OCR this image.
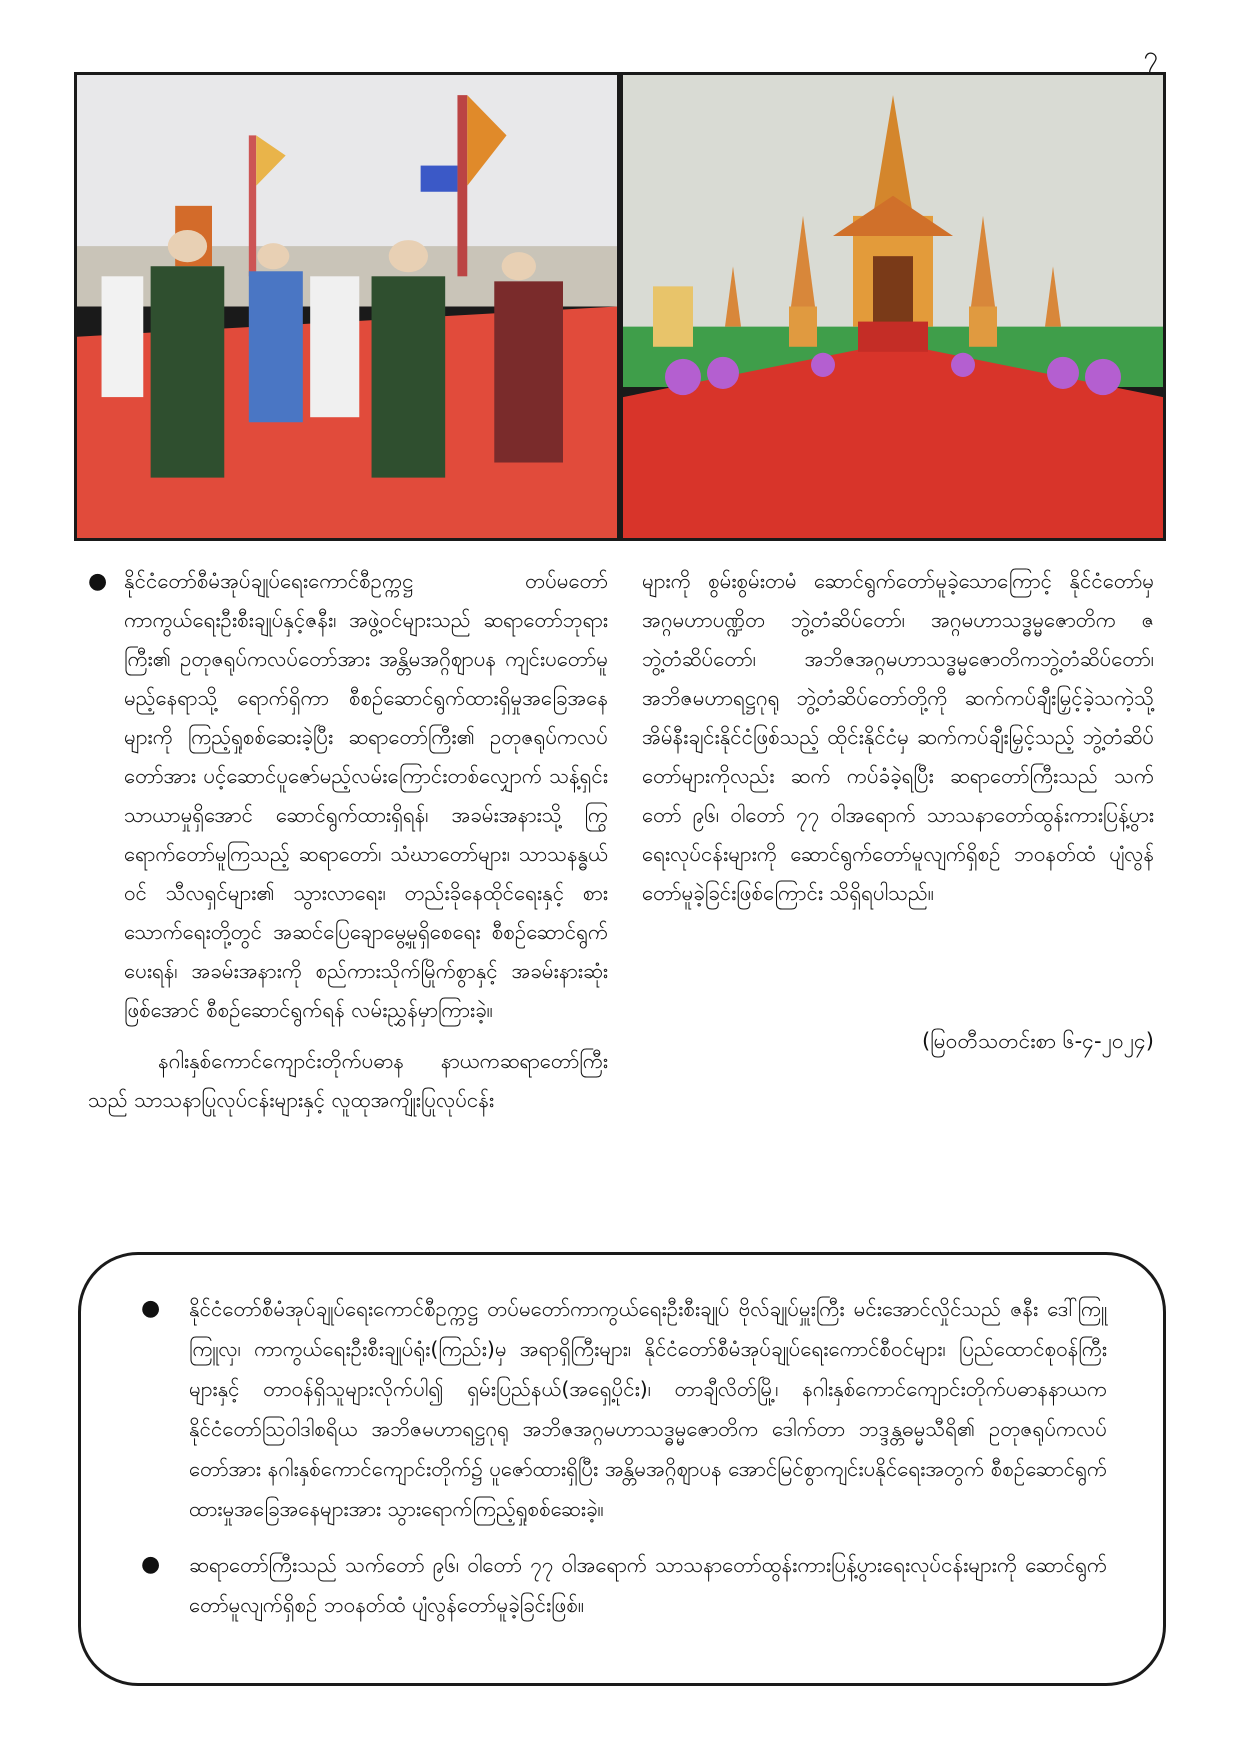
၇

● နိုင်ငံတော်စီမံအုပ်ချုပ်ရေးကောင်စီဥက္ကဋ္ဌ တပ်မတော်ကာကွယ်ရေးဦးစီးချုပ်နှင့်ဇနီး၊ အဖွဲ့ဝင်များသည် ဆရာတော်ဘုရားကြီး၏ ဥတုဇရုပ်ကလပ်တော်အား အန္တိမအဂ္ဂိဈာပန ကျင်းပတော်မူမည့်နေရာသို့ ရောက်ရှိကာ စီစဉ်ဆောင်ရွက်ထားရှိမှုအခြေအနေများကို ကြည့်ရှုစစ်ဆေးခဲ့ပြီး ဆရာတော်ကြီး၏ ဥတုဇရုပ်ကလပ်တော်အား ပင့်ဆောင်ပူဇော်မည့်လမ်းကြောင်းတစ်လျှောက် သန့်ရှင်းသာယာမှုရှိအောင် ဆောင်ရွက်ထားရှိရန်၊ အခမ်းအနားသို့ ကြွရောက်တော်မူကြသည့် ဆရာတော်၊ သံဃာတော်များ၊ သာသနန္ဓယ်ဝင် သီလရှင်များ၏ သွားလာရေး၊ တည်းခိုနေထိုင်ရေးနှင့် စားသောက်ရေးတို့တွင် အဆင်ပြေချောမွေ့မှုရှိစေရေး စီစဉ်ဆောင်ရွက်ပေးရန်၊ အခမ်းအနားကို စည်ကားသိုက်မြိုက်စွာနှင့် အခမ်းနားဆုံးဖြစ်အောင် စီစဉ်ဆောင်ရွက်ရန် လမ်းညွှန်မှာကြားခဲ့။

နဂါးနှစ်ကောင်ကျောင်းတိုက်ပဓာန နာယကဆရာတော်ကြီးသည် သာသနာပြုလုပ်ငန်းများနှင့် လူထုအကျိုးပြုလုပ်ငန်း

များကို စွမ်းစွမ်းတမံ ဆောင်ရွက်တော်မူခဲ့သောကြောင့် နိုင်ငံတော်မှ အဂ္ဂမဟာပဏ္ဍိတ ဘွဲ့တံဆိပ်တော်၊ အဂ္ဂမဟာသဒ္ဓမ္မဇောတိက ဇဘွဲ့တံဆိပ်တော်၊ အဘိဇအဂ္ဂမဟာသဒ္ဓမ္မဇောတိကဘွဲ့တံဆိပ်တော်၊ အဘိဇမဟာရဋ္ဌဂုရု ဘွဲ့တံဆိပ်တော်တို့ကို ဆက်ကပ်ချီးမြှင့်ခဲ့သကဲ့သို့ အိမ်နီးချင်းနိုင်ငံဖြစ်သည့် ထိုင်းနိုင်ငံမှ ဆက်ကပ်ချီးမြှင့်သည့် ဘွဲ့တံဆိပ်တော်များကိုလည်း ဆက် ကပ်ခံခဲ့ရပြီး ဆရာတော်ကြီးသည် သက်တော် ၉၆၊ ဝါတော် ၇၇ ဝါအရောက် သာသနာတော်ထွန်းကားပြန့်ပွားရေးလုပ်ငန်းများကို ဆောင်ရွက်တော်မူလျက်ရှိစဉ် ဘဝနတ်ထံ ပျံလွန်တော်မူခဲ့ခြင်းဖြစ်ကြောင်း သိရှိရပါသည်။

(မြဝတီသတင်းစာ ၆-၄-၂၀၂၄)
● နိုင်ငံတော်စီမံအုပ်ချုပ်ရေးကောင်စီဥက္ကဋ္ဌ တပ်မတော်ကာကွယ်ရေးဦးစီးချုပ် ဗိုလ်ချုပ်မှူးကြီး မင်းအောင်လှိုင်သည် ဇနီး ဒေါ်ကြူကြူလှ၊ ကာကွယ်ရေးဦးစီးချုပ်ရုံး(ကြည်း)မှ အရာရှိကြီးများ၊ နိုင်ငံတော်စီမံအုပ်ချုပ်ရေးကောင်စီဝင်များ၊ ပြည်ထောင်စုဝန်ကြီးများနှင့် တာဝန်ရှိသူများလိုက်ပါ၍ ရှမ်းပြည်နယ်(အရှေ့ပိုင်း)၊ တာချီလိတ်မြို့၊ နဂါးနှစ်ကောင်ကျောင်းတိုက်ပဓာနနာယက နိုင်ငံတော်ဩဝါဒါစရိယ အဘိဇမဟာရဋ္ဌဂုရု အဘိဇအဂ္ဂမဟာသဒ္ဓမ္မဇောတိက ဒေါက်တာ ဘဒ္ဒန္တဓမ္မသီရိ၏ ဥတုဇရုပ်ကလပ်တော်အား နဂါးနှစ်ကောင်ကျောင်းတိုက်၌ ပူဇော်ထားရှိပြီး အန္တိမအဂ္ဂိဈာပန အောင်မြင်စွာကျင်းပနိုင်ရေးအတွက် စီစဉ်ဆောင်ရွက်ထားမှုအခြေအနေများအား သွားရောက်ကြည့်ရှုစစ်ဆေးခဲ့။
● ဆရာတော်ကြီးသည် သက်တော် ၉၆၊ ဝါတော် ၇၇ ဝါအရောက် သာသနာတော်ထွန်းကားပြန့်ပွားရေးလုပ်ငန်းများကို ဆောင်ရွက်တော်မူလျက်ရှိစဉ် ဘဝနတ်ထံ ပျံလွန်တော်မူခဲ့ခြင်းဖြစ်။
